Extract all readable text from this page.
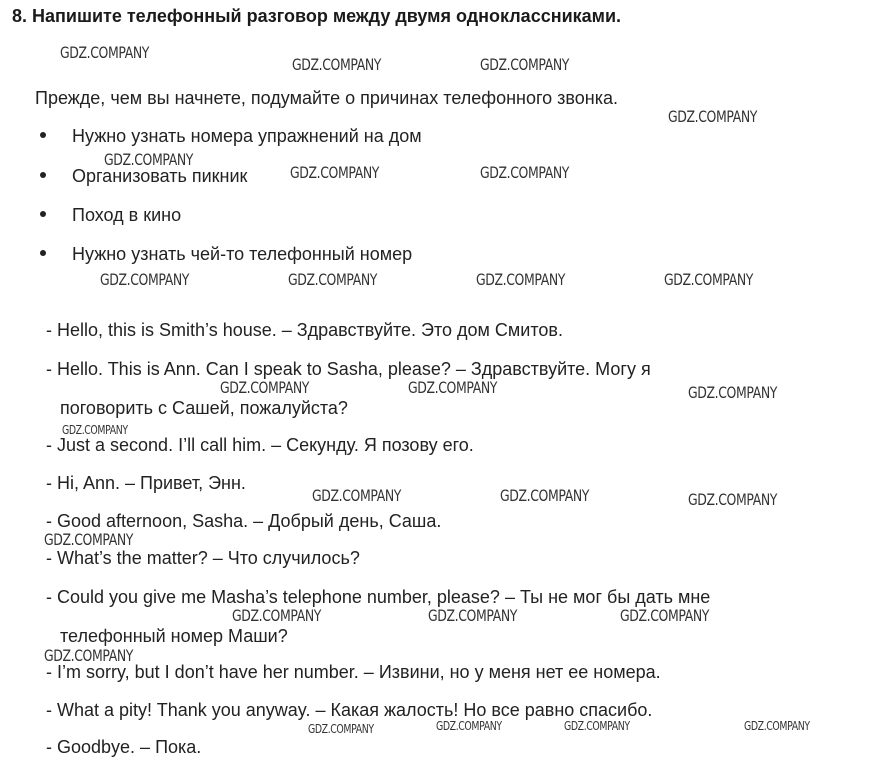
8. Напишите телефонный разговор между двумя одноклассниками.
Прежде, чем вы начнете, подумайте о причинах телефонного звонка.
Нужно узнать номера упражнений на дом
Организовать пикник
Поход в кино
Нужно узнать чей-то телефонный номер
- Hello, this is Smith’s house. – Здравствуйте. Это дом Смитов.
- Hello. This is Ann. Can I speak to Sasha, please? – Здравствуйте. Могу я
поговорить с Сашей, пожалуйста?
- Just a second. I’ll call him. – Секунду. Я позову его.
- Hi, Ann. – Привет, Энн.
- Good afternoon, Sasha. – Добрый день, Саша.
- What’s the matter? – Что случилось?
- Could you give me Masha’s telephone number, please? – Ты не мог бы дать мне
телефонный номер Маши?
- I’m sorry, but I don’t have her number. – Извини, но у меня нет ее номера.
- What a pity! Thank you anyway. – Какая жалость! Но все равно спасибо.
- Goodbye. – Пока.
GDZ.COMPANY
GDZ.COMPANY	GDZ.COMPANY
GDZ.COMPANY
GDZ.COMPANY
GDZ.COMPANY	GDZ.COMPANY
GDZ.COMPANY	GDZ.COMPANY	GDZ.COMPANY	GDZ.COMPANY
GDZ.COMPANY	GDZ.COMPANY	GDZ.COMPANY
GDZ.COMPANY
GDZ.COMPANY	GDZ.COMPANY	GDZ.COMPANY
GDZ.COMPANY
GDZ.COMPANY	GDZ.COMPANY	GDZ.COMPANY
GDZ.COMPANY
GDZ.COMPANY	GDZ.COMPANY	GDZ.COMPANY	GDZ.COMPANY
